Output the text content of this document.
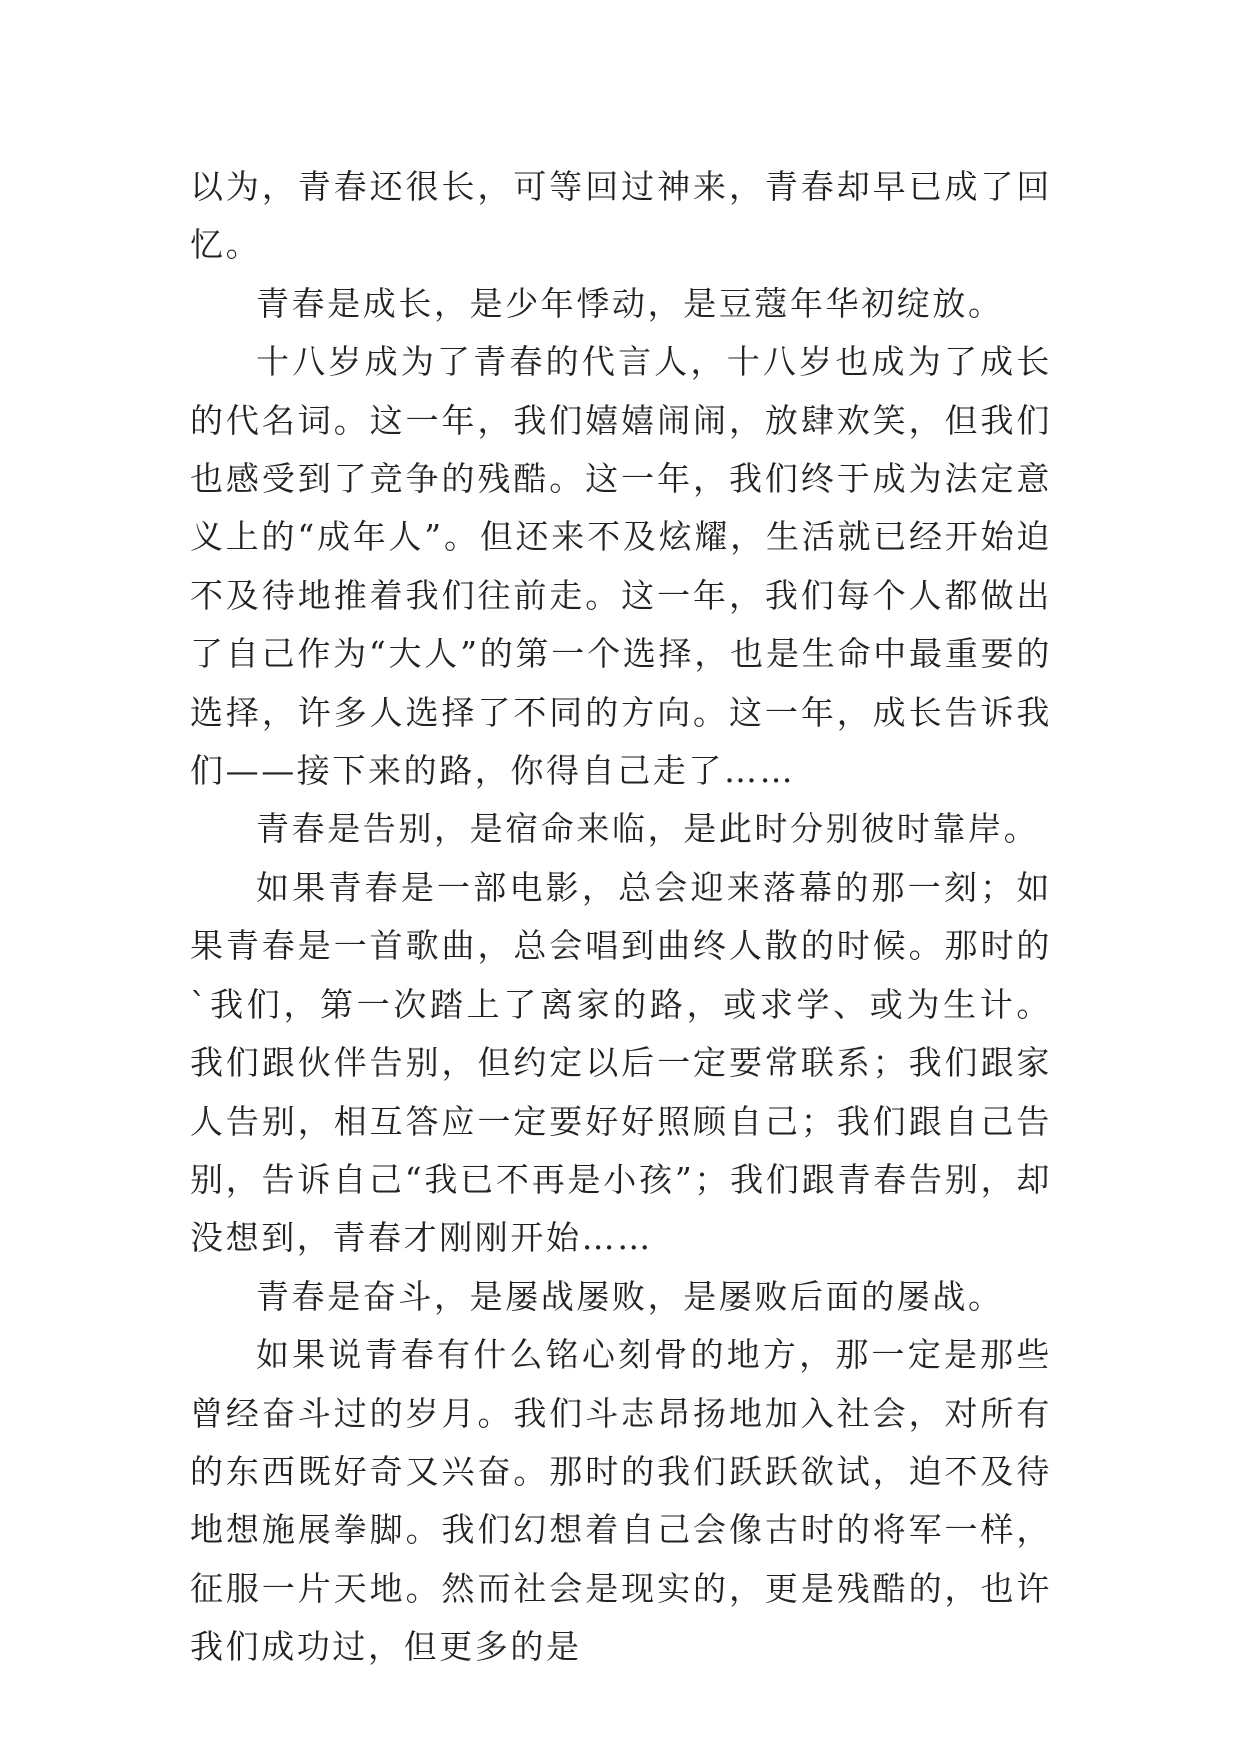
以为，青春还很长，可等回过神来，青春却早已成了回忆。

青春是成长，是少年悸动，是豆蔻年华初绽放。

十八岁成为了青春的代言人，十八岁也成为了成长的代名词。这一年，我们嬉嬉闹闹，放肆欢笑，但我们也感受到了竞争的残酷。这一年，我们终于成为法定意义上的“成年人”。但还来不及炫耀，生活就已经开始迫不及待地推着我们往前走。这一年，我们每个人都做出了自己作为“大人”的第一个选择，也是生命中最重要的选择，许多人选择了不同的方向。这一年，成长告诉我们——接下来的路，你得自己走了……

青春是告别，是宿命来临，是此时分别彼时靠岸。

如果青春是一部电影，总会迎来落幕的那一刻；如果青春是一首歌曲，总会唱到曲终人散的时候。那时的`我们，第一次踏上了离家的路，或求学、或为生计。我们跟伙伴告别，但约定以后一定要常联系；我们跟家人告别，相互答应一定要好好照顾自己；我们跟自己告别，告诉自己“我已不再是小孩”；我们跟青春告别，却没想到，青春才刚刚开始……

青春是奋斗，是屡战屡败，是屡败后面的屡战。

如果说青春有什么铭心刻骨的地方，那一定是那些曾经奋斗过的岁月。我们斗志昂扬地加入社会，对所有的东西既好奇又兴奋。那时的我们跃跃欲试，迫不及待地想施展拳脚。我们幻想着自己会像古时的将军一样，征服一片天地。然而社会是现实的，更是残酷的，也许我们成功过，但更多的是
